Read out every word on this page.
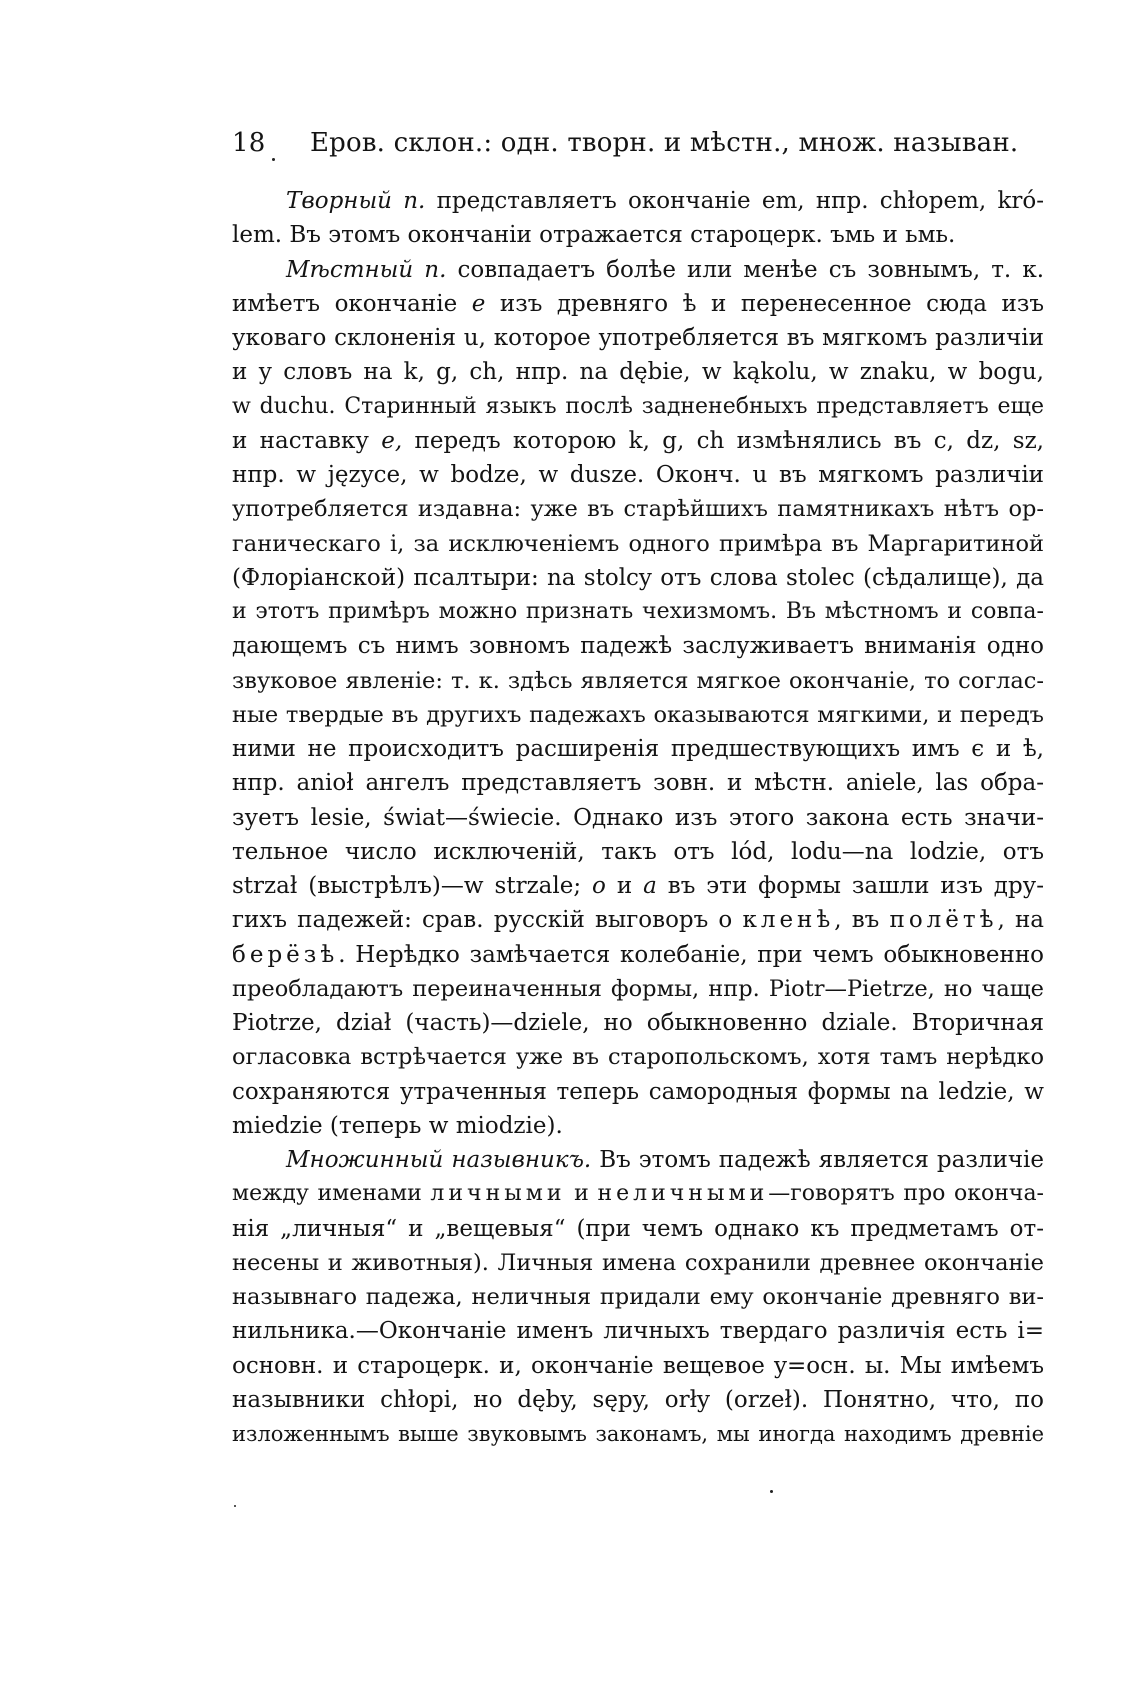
18 Еров. склон.: одн. творн. и мѣстн., множ. называн.
Творный п. представляетъ окончаніе em, нпр. chłopem, kró-
lem. Въ этомъ окончаніи отражается староцерк. ъмь и ьмь.
Мѣстный п. совпадаетъ болѣе или менѣе съ зовнымъ, т. к.
имѣетъ окончаніе e изъ древняго ѣ и перенесенное сюда изъ
уковаго склоненія u, которое употребляется въ мягкомъ различіи
и у словъ на k, g, ch, нпр. na dębie, w kąkolu, w znaku, w bogu,
w duchu. Старинный языкъ послѣ задненебныхъ представляетъ еще
и наставку e, передъ которою k, g, ch измѣнялись въ c, dz, sz,
нпр. w języce, w bodze, w dusze. Оконч. u въ мягкомъ различіи
употребляется издавна: уже въ старѣйшихъ памятникахъ нѣтъ ор-
ганическаго i, за исключеніемъ одного примѣра въ Маргаритиной
(Флоріанской) псалтыри: na stolcy отъ слова stolec (сѣдалище), да
и этотъ примѣръ можно признать чехизмомъ. Въ мѣстномъ и совпа-
дающемъ съ нимъ зовномъ падежѣ заслуживаетъ вниманія одно
звуковое явленіе: т. к. здѣсь является мягкое окончаніе, то соглас-
ные твердые въ другихъ падежахъ оказываются мягкими, и передъ
ними не происходитъ расширенія предшествующихъ имъ є и ѣ,
нпр. anioł ангелъ представляетъ зовн. и мѣстн. aniele, las обра-
зуетъ lesie, świat—świecie. Однако изъ этого закона есть значи-
тельное число исключеній, такъ отъ lód, lodu—na lodzie, отъ
strzał (выстрѣлъ)—w strzale; o и a въ эти формы зашли изъ дру-
гихъ падежей: срав. русскій выговоръ о кленѣ, въ полётѣ, на
берёзѣ. Нерѣдко замѣчается колебаніе, при чемъ обыкновенно
преобладаютъ переиначенныя формы, нпр. Piotr—Pietrze, но чаще
Piotrze, dział (часть)—dziele, но обыкновенно dziale. Вторичная
огласовка встрѣчается уже въ старопольскомъ, хотя тамъ нерѣдко
сохраняются утраченныя теперь самородныя формы na ledzie, w
miedzie (теперь w miodzie).
Множинный назывникъ. Въ этомъ падежѣ является различіе
между именами личными и неличными—говорятъ про оконча-
нія „личныя“ и „вещевыя“ (при чемъ однако къ предметамъ от-
несены и животныя). Личныя имена сохранили древнее окончаніе
назывнаго падежа, неличныя придали ему окончаніе древняго ви-
нильника.—Окончаніе именъ личныхъ твердаго различія есть i=
основн. и староцерк. и, окончаніе вещевое y=осн. ы. Мы имѣемъ
назывники chłopi, но dęby, sępy, orły (orzeł). Понятно, что, по
изложеннымъ выше звуковымъ законамъ, мы иногда находимъ древніе
